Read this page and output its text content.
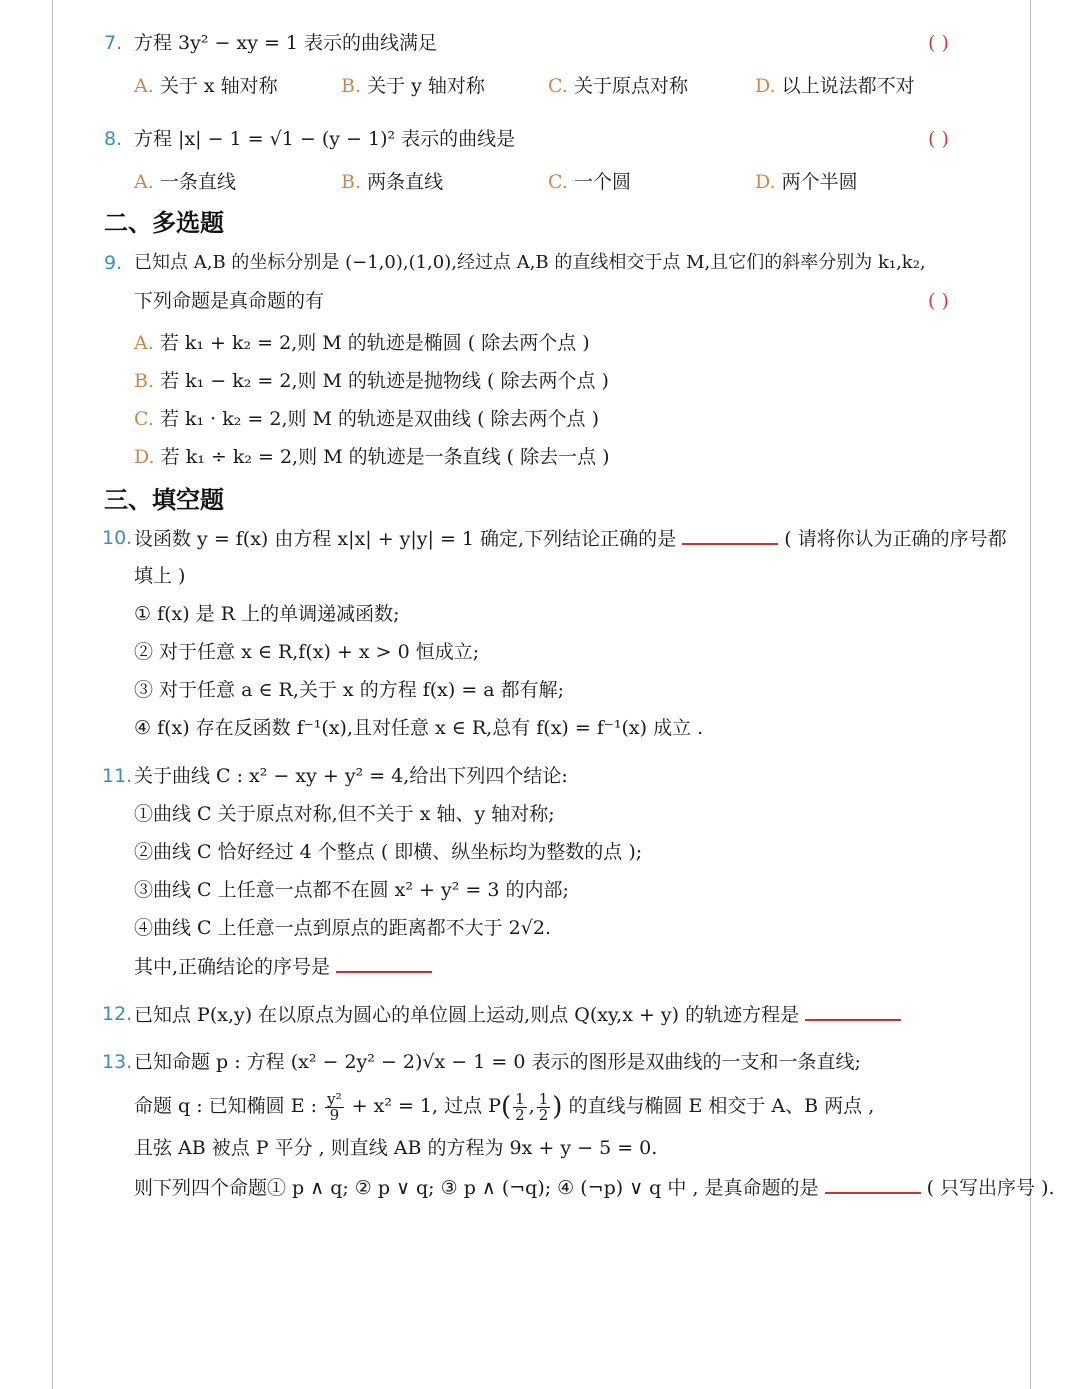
7. 方程 3y² − xy = 1 表示的曲线满足	( )
A. 关于 x 轴对称	B. 关于 y 轴对称	C. 关于原点对称	D. 以上说法都不对
8. 方程 |x| − 1 = √1 − (y − 1)² 表示的曲线是	( )
A. 一条直线	B. 两条直线	C. 一个圆	D. 两个半圆
二、多选题
9. 已知点 A,B 的坐标分别是 (−1,0),(1,0),经过点 A,B 的直线相交于点 M,且它们的斜率分别为 k₁,k₂,
下列命题是真命题的有	( )
A. 若 k₁ + k₂ = 2,则 M 的轨迹是椭圆 ( 除去两个点 )
B. 若 k₁ − k₂ = 2,则 M 的轨迹是抛物线 ( 除去两个点 )
C. 若 k₁ · k₂ = 2,则 M 的轨迹是双曲线 ( 除去两个点 )
D. 若 k₁ ÷ k₂ = 2,则 M 的轨迹是一条直线 ( 除去一点 )
三、填空题
10. 设函数 y = f(x) 由方程 x|x| + y|y| = 1 确定,下列结论正确的是	( 请将你认为正确的序号都
填上 )
① f(x) 是 R 上的单调递减函数;
② 对于任意 x ∈ R,f(x) + x > 0 恒成立;
③ 对于任意 a ∈ R,关于 x 的方程 f(x) = a 都有解;
④ f(x) 存在反函数 f⁻¹(x),且对任意 x ∈ R,总有 f(x) = f⁻¹(x) 成立 .
11. 关于曲线 C : x² − xy + y² = 4,给出下列四个结论:
①曲线 C 关于原点对称,但不关于 x 轴、y 轴对称;
②曲线 C 恰好经过 4 个整点 ( 即横、纵坐标均为整数的点 );
③曲线 C 上任意一点都不在圆 x² + y² = 3 的内部;
④曲线 C 上任意一点到原点的距离都不大于 2√2.
其中,正确结论的序号是
12. 已知点 P(x,y) 在以原点为圆心的单位圆上运动,则点 Q(xy,x + y) 的轨迹方程是
13. 已知命题 p : 方程 (x² − 2y² − 2)√x − 1 = 0 表示的图形是双曲线的一支和一条直线;
命题 q : 已知椭圆 E : $\frac{\text{y²}}{9} + x^2 = 1$, 过点 $P( \frac{1}{2}$ , $\frac{1}{2}$ ) 的直线与椭圆 E 相交于 A、B 两点 ,
且弦 AB 被点 P 平分 , 则直线 AB 的方程为 9x + y − 5 = 0.
则下列四个命题① p ∧ q; ② p ∨ q; ③ p ∧ (¬q); ④ (¬p) ∨ q 中 , 是真命题的是	( 只写出序号 ).
